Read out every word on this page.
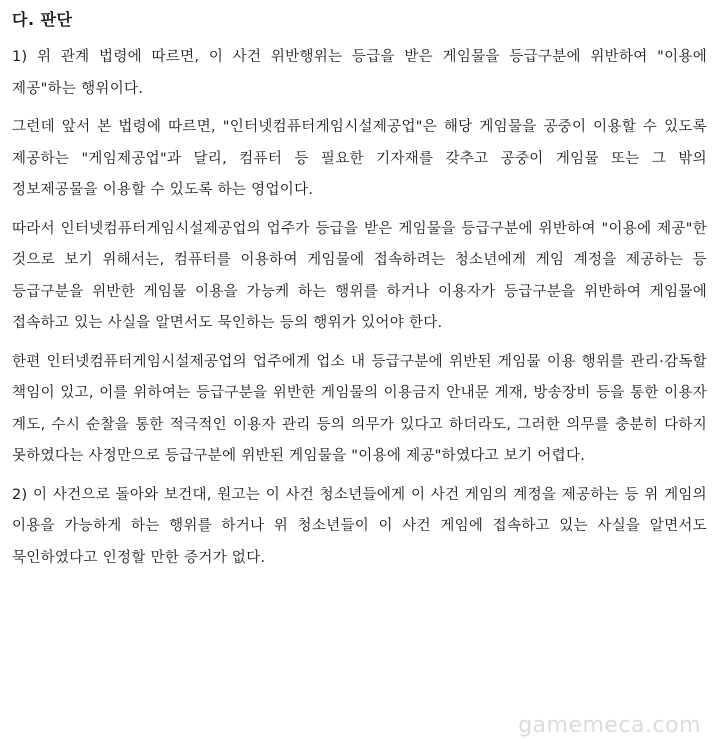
다. 판단

1) 위 관계 법령에 따르면, 이 사건 위반행위는 등급을 받은 게임물을 등급구분에 위반하여 "이용에 제공"하는 행위이다.

그런데 앞서 본 법령에 따르면, "인터넷컴퓨터게임시설제공업"은 해당 게임물을 공중이 이용할 수 있도록 제공하는 "게임제공업"과 달리, 컴퓨터 등 필요한 기자재를 갖추고 공중이 게임물 또는 그 밖의 정보제공물을 이용할 수 있도록 하는 영업이다.

따라서 인터넷컴퓨터게임시설제공업의 업주가 등급을 받은 게임물을 등급구분에 위반하여 "이용에 제공"한 것으로 보기 위해서는, 컴퓨터를 이용하여 게임물에 접속하려는 청소년에게 게임 계정을 제공하는 등 등급구분을 위반한 게임물 이용을 가능케 하는 행위를 하거나 이용자가 등급구분을 위반하여 게임물에 접속하고 있는 사실을 알면서도 묵인하는 등의 행위가 있어야 한다.

한편 인터넷컴퓨터게임시설제공업의 업주에게 업소 내 등급구분에 위반된 게임물 이용 행위를 관리·감독할 책임이 있고, 이를 위하여는 등급구분을 위반한 게임물의 이용금지 안내문 게재, 방송장비 등을 통한 이용자 계도, 수시 순찰을 통한 적극적인 이용자 관리 등의 의무가 있다고 하더라도, 그러한 의무를 충분히 다하지 못하였다는 사정만으로 등급구분에 위반된 게임물을 "이용에 제공"하였다고 보기 어렵다.

2) 이 사건으로 돌아와 보건대, 원고는 이 사건 청소년들에게 이 사건 게임의 계정을 제공하는 등 위 게임의 이용을 가능하게 하는 행위를 하거나 위 청소년들이 이 사건 게임에 접속하고 있는 사실을 알면서도 묵인하였다고 인정할 만한 증거가 없다.

gamemeca.com
